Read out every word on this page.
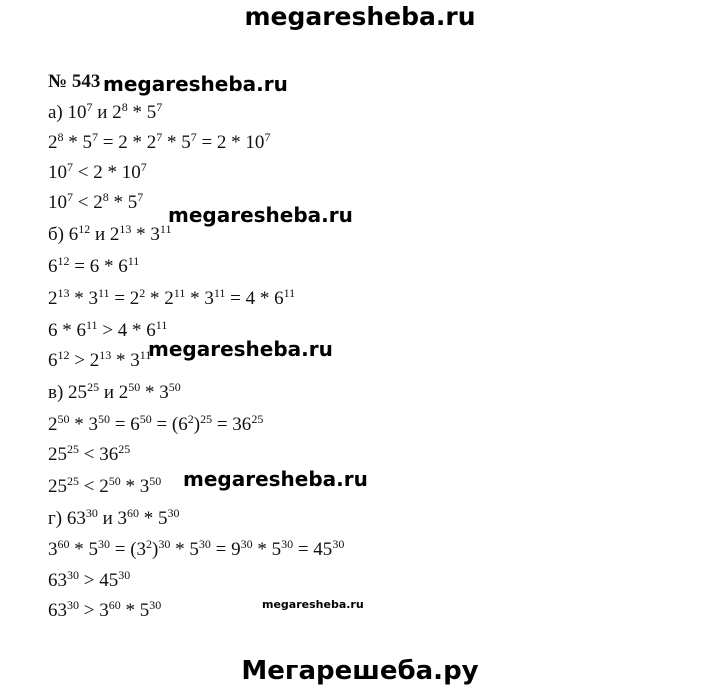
megaresheba.ru
№ 543 megaresheba.ru
а) $10^7$ и $2^8 * 5^7$
$2^8 * 5^7 = 2 * 2^7 * 5^7 = 2 * 10^7$
$10^7 < 2 * 10^7$
$10^7 < 2^8 * 5^7$
megaresheba.ru
б) $6^{12}$ и $2^{13} * 3^{11}$
$6^{12} = 6 * 6^{11}$
$2^{13} * 3^{11} = 2^2 * 2^{11} * 3^{11} = 4 * 6^{11}$
$6 * 6^{11} > 4 * 6^{11}$
$6^{12} > 2^{13} * 3^{11}$
megaresheba.ru
в) $25^{25}$ и $2^{50} * 3^{50}$
$2^{50} * 3^{50} = 6^{50} = (6^2)^{25} = 36^{25}$
$25^{25} < 36^{25}$
$25^{25} < 2^{50} * 3^{50}$ megaresheba.ru
г) $63^{30}$ и $3^{60} * 5^{30}$
$3^{60} * 5^{30} = (3^2)^{30} * 5^{30} = 9^{30} * 5^{30} = 45^{30}$
$63^{30} > 45^{30}$
$63^{30} > 3^{60} * 5^{30}$	megaresheba.ru
Мегарешеба.ру
